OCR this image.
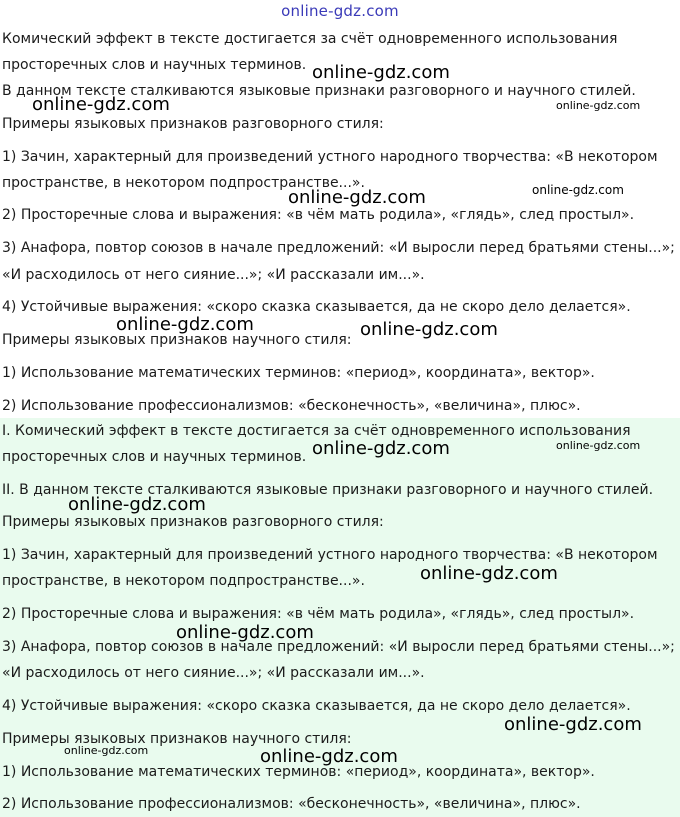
online-gdz.com
Комический эффект в тексте достигается за счёт одновременного использования
просторечных слов и научных терминов.
В данном тексте сталкиваются языковые признаки разговорного и научного стилей.
Примеры языковых признаков разговорного стиля:
1) Зачин, характерный для произведений устного народного творчества: «В некотором
пространстве, в некотором подпространстве...».
2) Просторечные слова и выражения: «в чём мать родила», «глядь», след простыл».
3) Анафора, повтор союзов в начале предложений: «И выросли перед братьями стены...»;
«И расходилось от него сияние...»; «И рассказали им...».
4) Устойчивые выражения: «скоро сказка сказывается, да не скоро дело делается».
Примеры языковых признаков научного стиля:
1) Использование математических терминов: «период», координата», вектор».
2) Использование профессионализмов: «бесконечность», «величина», плюс».
I. Комический эффект в тексте достигается за счёт одновременного использования
просторечных слов и научных терминов.
II. В данном тексте сталкиваются языковые признаки разговорного и научного стилей.
Примеры языковых признаков разговорного стиля:
1) Зачин, характерный для произведений устного народного творчества: «В некотором
пространстве, в некотором подпространстве...».
2) Просторечные слова и выражения: «в чём мать родила», «глядь», след простыл».
3) Анафора, повтор союзов в начале предложений: «И выросли перед братьями стены...»;
«И расходилось от него сияние...»; «И рассказали им...».
4) Устойчивые выражения: «скоро сказка сказывается, да не скоро дело делается».
Примеры языковых признаков научного стиля:
1) Использование математических терминов: «период», координата», вектор».
2) Использование профессионализмов: «бесконечность», «величина», плюс».
online-gdz.com
online-gdz.com	online-gdz.com
online-gdz.com	online-gdz.com
online-gdz.com	online-gdz.com
online-gdz.com	online-gdz.com
online-gdz.com
online-gdz.com
online-gdz.com
online-gdz.com
online-gdz.com	online-gdz.com
